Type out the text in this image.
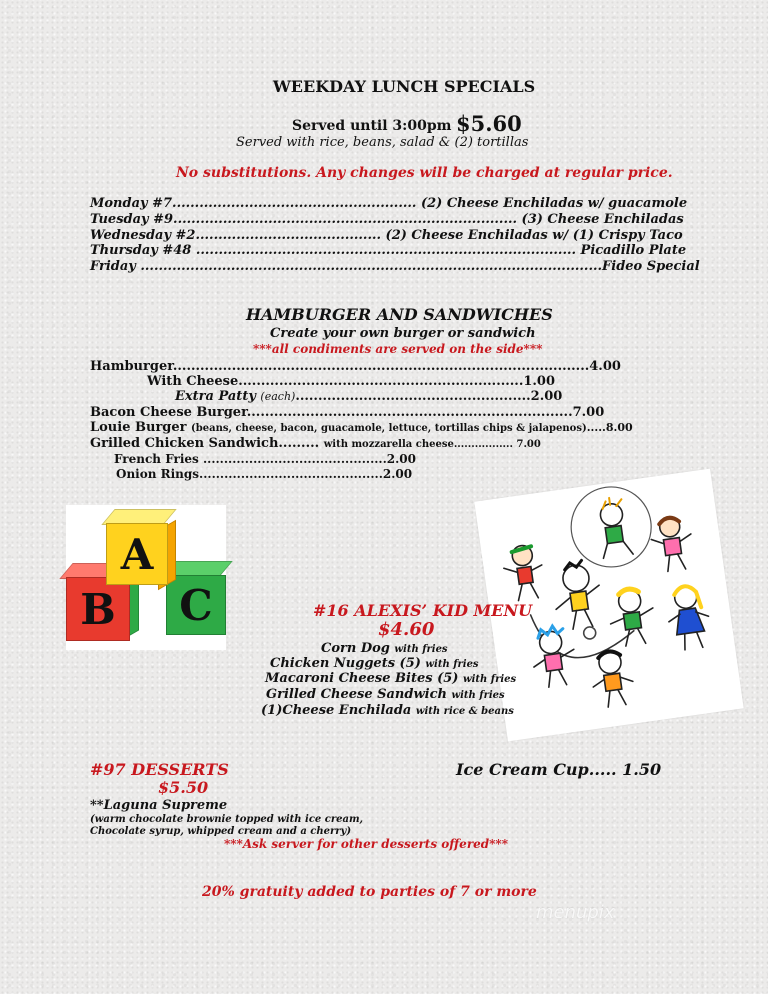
WEEKDAY LUNCH SPECIALS
Served until 3:00pm $5.60
Served with rice, beans, salad & (2) tortillas
No substitutions. Any changes will be charged at regular price.
Monday #7...................................................... (2) Cheese Enchiladas w/ guacamole
Tuesday #9............................................................................ (3) Cheese Enchiladas
Wednesday #2......................................... (2) Cheese Enchiladas w/ (1) Crispy Taco
Thursday #48 .................................................................................... Picadillo Plate
Friday ......................................................................................................Fideo Special
HAMBURGER AND SANDWICHES
Create your own burger or sandwich
***all condiments are served on the side***
Hamburger............................................................................................4.00
With Cheese...............................................................1.00
Extra Patty (each)....................................................2.00
Bacon Cheese Burger........................................................................7.00
Louie Burger (beans, cheese, bacon, guacamole, lettuce, tortillas chips & jalapenos).....8.00
Grilled Chicken Sandwich......... with mozzarella cheese................. 7.00
French Fries ............................................2.00
Onion Rings............................................2.00
C
B
A
#16 ALEXIS’ KID MENU
$4.60
Corn Dog with fries
Chicken Nuggets (5) with fries
Macaroni Cheese Bites (5) with fries
Grilled Cheese Sandwich with fries
(1)Cheese Enchilada with rice & beans
#97 DESSERTS
$5.50
Ice Cream Cup..... 1.50
**Laguna Supreme
(warm chocolate brownie topped with ice cream,
Chocolate syrup, whipped cream and a cherry)
***Ask server for other desserts offered***
20% gratuity added to parties of 7 or more
menupix
